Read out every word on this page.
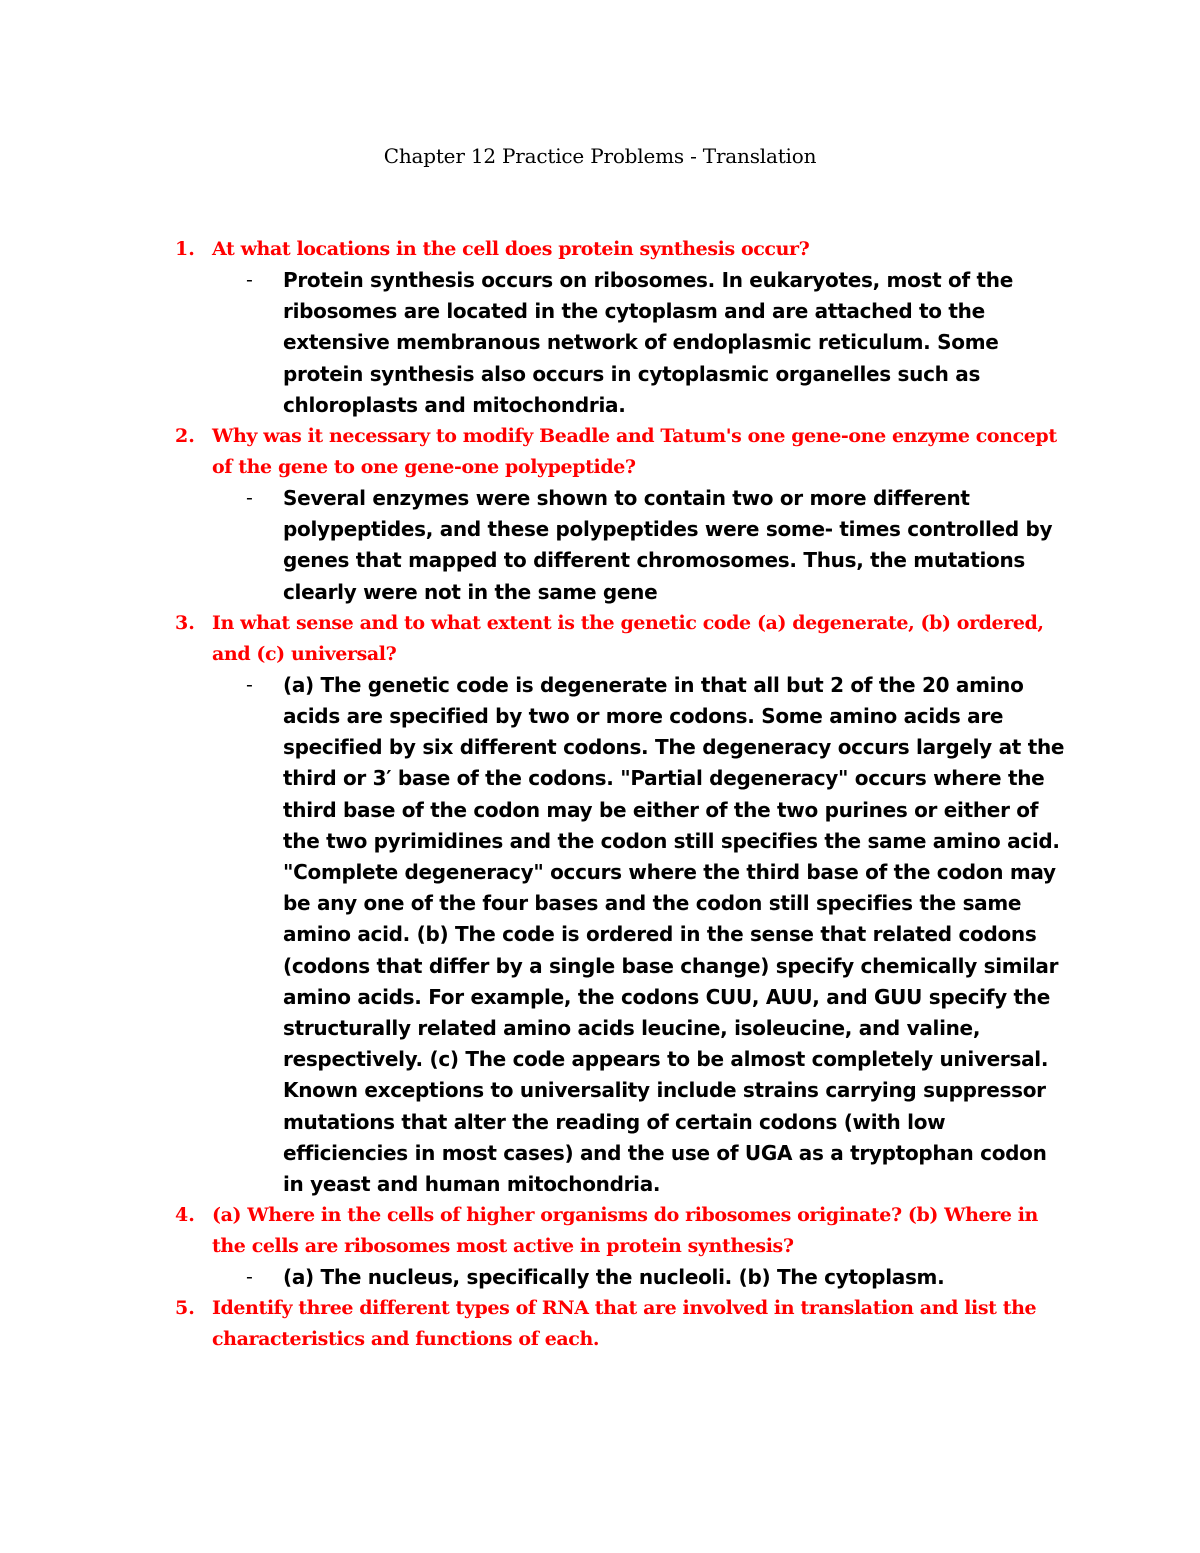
Chapter 12 Practice Problems - Translation
1. At what locations in the cell does protein synthesis occur?
- Protein synthesis occurs on ribosomes. In eukaryotes, most of the ribosomes are located in the cytoplasm and are attached to the extensive membranous network of endoplasmic reticulum. Some protein synthesis also occurs in cytoplasmic organelles such as chloroplasts and mitochondria.
2. Why was it necessary to modify Beadle and Tatum's one gene-one enzyme concept of the gene to one gene-one polypeptide?
- Several enzymes were shown to contain two or more different polypeptides, and these polypeptides were some- times controlled by genes that mapped to different chromosomes. Thus, the mutations clearly were not in the same gene
3. In what sense and to what extent is the genetic code (a) degenerate, (b) ordered, and (c) universal?
- (a) The genetic code is degenerate in that all but 2 of the 20 amino acids are specified by two or more codons. Some amino acids are specified by six different codons. The degeneracy occurs largely at the third or 3′ base of the codons. "Partial degeneracy" occurs where the third base of the codon may be either of the two purines or either of the two pyrimidines and the codon still specifies the same amino acid. "Complete degeneracy" occurs where the third base of the codon may be any one of the four bases and the codon still specifies the same amino acid. (b) The code is ordered in the sense that related codons (codons that differ by a single base change) specify chemically similar amino acids. For example, the codons CUU, AUU, and GUU specify the structurally related amino acids leucine, isoleucine, and valine, respectively. (c) The code appears to be almost completely universal. Known exceptions to universality include strains carrying suppressor mutations that alter the reading of certain codons (with low efficiencies in most cases) and the use of UGA as a tryptophan codon in yeast and human mitochondria.
4. (a) Where in the cells of higher organisms do ribosomes originate? (b) Where in the cells are ribosomes most active in protein synthesis?
- (a) The nucleus, specifically the nucleoli. (b) The cytoplasm.
5. Identify three different types of RNA that are involved in translation and list the characteristics and functions of each.
